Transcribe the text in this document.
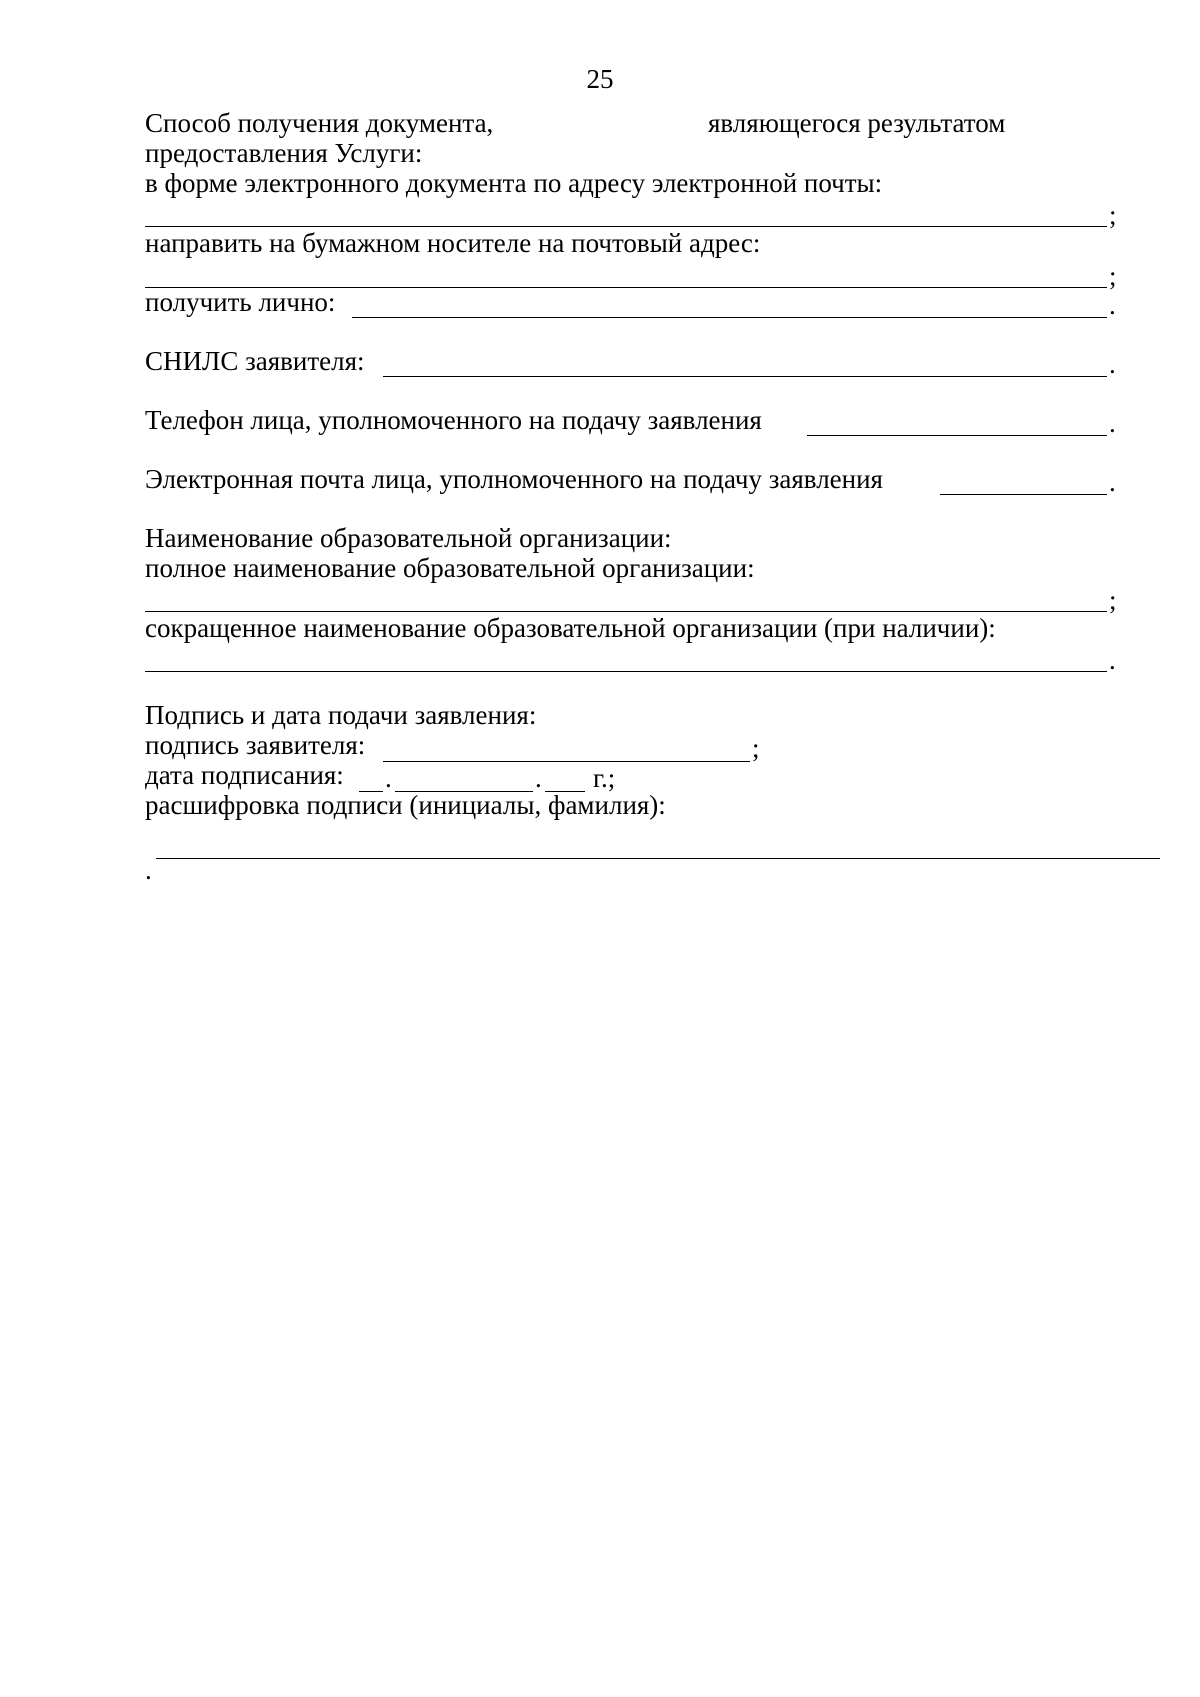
25
Способ получения документа,	являющегося результатом
предоставления Услуги:
в форме электронного документа по адресу электронной почты:
;
направить на бумажном носителе на почтовый адрес:
;
получить лично:	.
СНИЛС заявителя:	.
Телефон лица, уполномоченного на подачу заявления	.
Электронная почта лица, уполномоченного на подачу заявления	.
Наименование образовательной организации:
полное наименование образовательной организации:
;
сокращенное наименование образовательной организации (при наличии):
.
Подпись и дата подачи заявления:
подпись заявителя:	;
дата подписания: .	. г.;
расшифровка подписи (инициалы, фамилия):
.
